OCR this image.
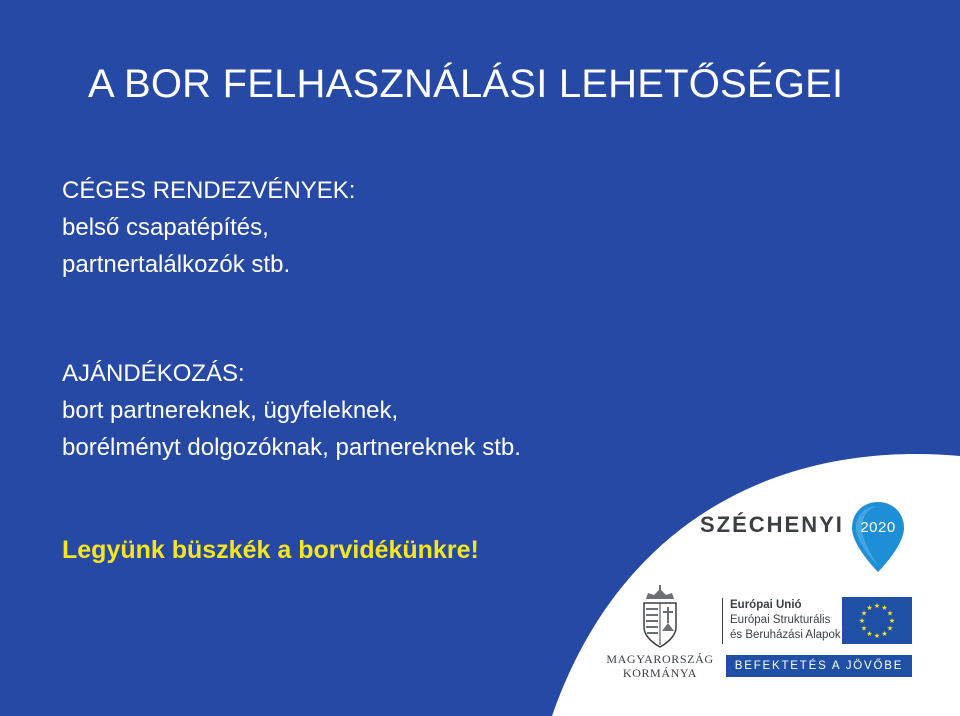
A BOR FELHASZNÁLÁSI LEHETŐSÉGEI
CÉGES RENDEZVÉNYEK:
belső csapatépítés,
partnertalálkozók stb.
AJÁNDÉKOZÁS:
bort partnereknek, ügyfeleknek,
borélményt dolgozóknak, partnereknek stb.
Legyünk büszkék a borvidékünkre!
SZÉCHENYI 2020
MAGYARORSZÁG
KORMÁNYA
Európai Unió
Európai Strukturális
és Beruházási Alapok
★
★
★
★
★
★
★
★
★ ★ ★
★
BEFEKTETÉS A JÖVŐBE
